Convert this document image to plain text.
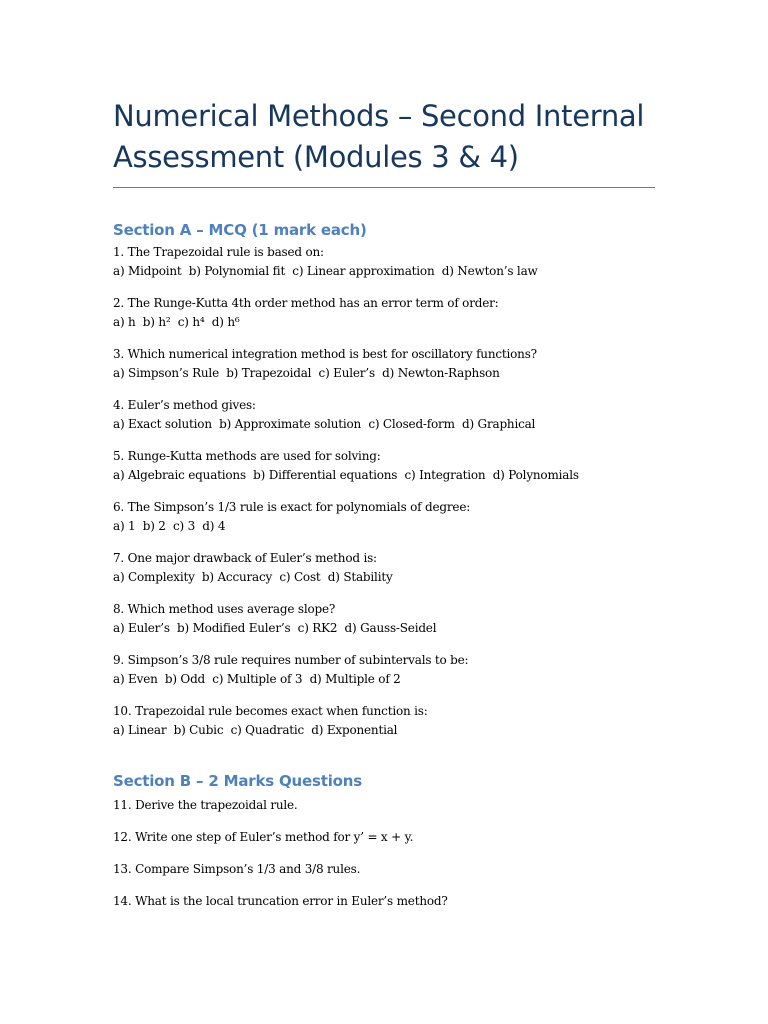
Numerical Methods – Second Internal
Assessment (Modules 3 & 4)
Section A – MCQ (1 mark each)

1. The Trapezoidal rule is based on:

a) Midpoint  b) Polynomial fit  c) Linear approximation  d) Newton’s law

2. The Runge-Kutta 4th order method has an error term of order:

a) h  b) h²  c) h⁴  d) h⁶

3. Which numerical integration method is best for oscillatory functions?

a) Simpson’s Rule  b) Trapezoidal  c) Euler’s  d) Newton-Raphson

4. Euler’s method gives:

a) Exact solution  b) Approximate solution  c) Closed-form  d) Graphical

5. Runge-Kutta methods are used for solving:

a) Algebraic equations  b) Differential equations  c) Integration  d) Polynomials

6. The Simpson’s 1/3 rule is exact for polynomials of degree:

a) 1  b) 2  c) 3  d) 4

7. One major drawback of Euler’s method is:

a) Complexity  b) Accuracy  c) Cost  d) Stability

8. Which method uses average slope?

a) Euler’s  b) Modified Euler’s  c) RK2  d) Gauss-Seidel

9. Simpson’s 3/8 rule requires number of subintervals to be:

a) Even  b) Odd  c) Multiple of 3  d) Multiple of 2

10. Trapezoidal rule becomes exact when function is:

a) Linear  b) Cubic  c) Quadratic  d) Exponential

Section B – 2 Marks Questions

11. Derive the trapezoidal rule.

12. Write one step of Euler’s method for y’ = x + y.

13. Compare Simpson’s 1/3 and 3/8 rules.

14. What is the local truncation error in Euler’s method?
